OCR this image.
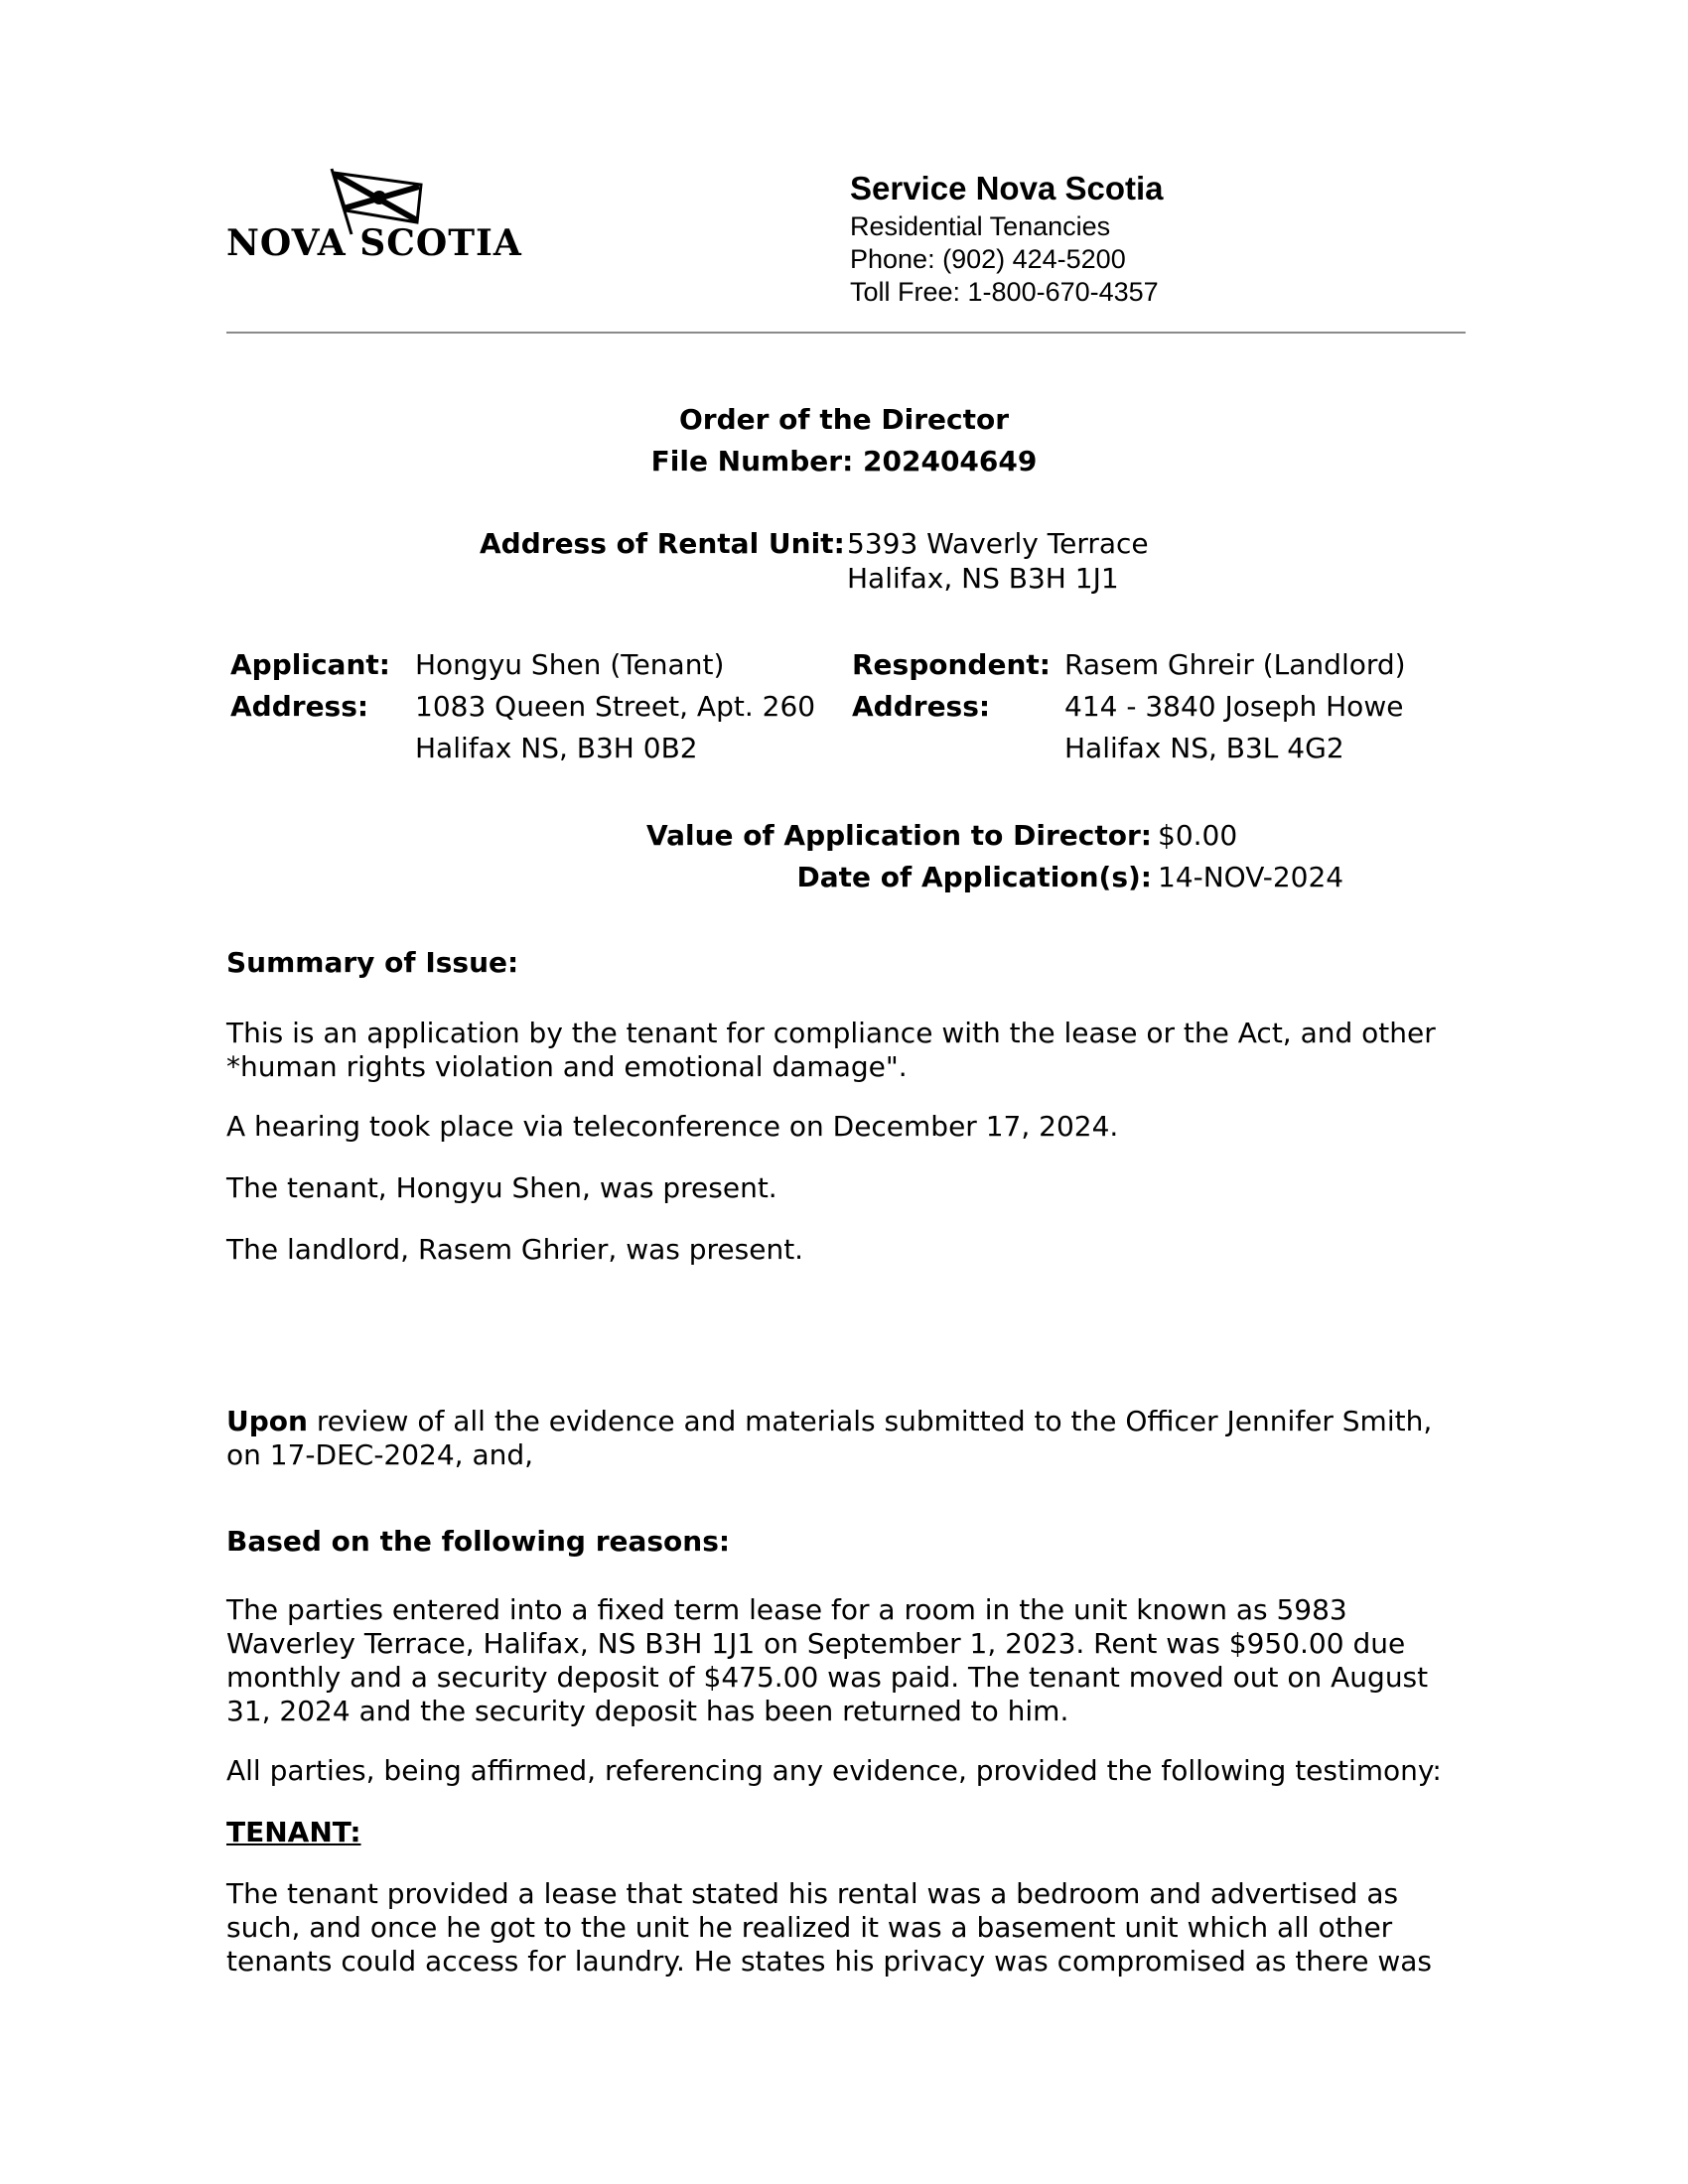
NOVA SCOTIA
Service Nova Scotia
Residential Tenancies
Phone: (902) 424-5200
Toll Free: 1-800-670-4357
Order of the Director
File Number: 202404649
Address of Rental Unit: 5393 Waverly Terrace
Halifax, NS B3H 1J1
Applicant: Hongyu Shen (Tenant)
Address: 1083 Queen Street, Apt. 260
Halifax NS, B3H 0B2
Respondent: Rasem Ghreir (Landlord)
Address:	414 - 3840 Joseph Howe
Halifax NS, B3L 4G2
Value of Application to Director: $0.00
Date of Application(s): 14-NOV-2024
Summary of Issue:
This is an application by the tenant for compliance with the lease or the Act, and other
*human rights violation and emotional damage".
A hearing took place via teleconference on December 17, 2024.
The tenant, Hongyu Shen, was present.
The landlord, Rasem Ghrier, was present.
Upon review of all the evidence and materials submitted to the Officer Jennifer Smith,
on 17-DEC-2024, and,
Based on the following reasons:
The parties entered into a fixed term lease for a room in the unit known as 5983
Waverley Terrace, Halifax, NS B3H 1J1 on September 1, 2023. Rent was $950.00 due
monthly and a security deposit of $475.00 was paid. The tenant moved out on August
31, 2024 and the security deposit has been returned to him.
All parties, being affirmed, referencing any evidence, provided the following testimony:
TENANT:
The tenant provided a lease that stated his rental was a bedroom and advertised as
such, and once he got to the unit he realized it was a basement unit which all other
tenants could access for laundry. He states his privacy was compromised as there was
